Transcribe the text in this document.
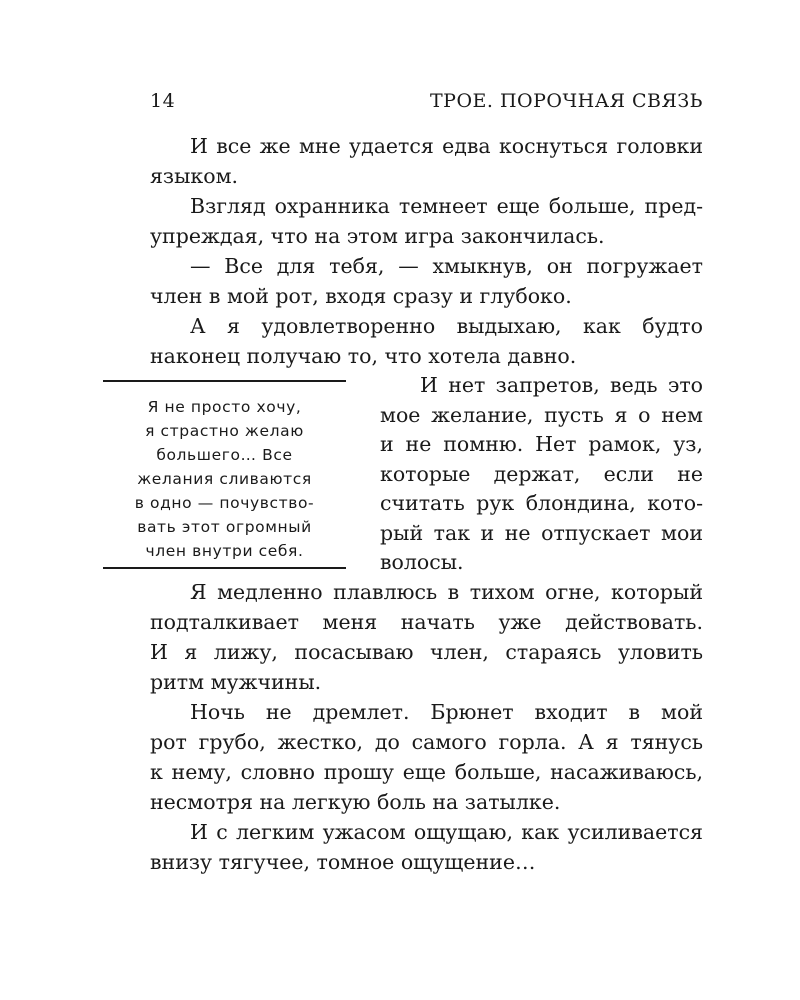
14	ТРОЕ. ПОРОЧНАЯ СВЯЗЬ
И все же мне удается едва коснуться головки
языком.
Взгляд охранника темнеет еще больше, пред-
упреждая, что на этом игра закончилась.
— Все для тебя, — хмыкнув, он погружает
член в мой рот, входя сразу и глубоко.
А я удовлетворенно выдыхаю, как будто
наконец получаю то, что хотела давно.
Я не просто хочу,
я страстно желаю
большего… Все
желания сливаются
в одно — почувство-
вать этот огромный
член внутри себя.
И нет запретов, ведь это
мое желание, пусть я о нем
и не помню. Нет рамок, уз,
которые держат, если не
считать рук блондина, кото-
рый так и не отпускает мои
волосы.
Я медленно плавлюсь в тихом огне, который
подталкивает меня начать уже действовать.
И я лижу, посасываю член, стараясь уловить
ритм мужчины.
Ночь не дремлет. Брюнет входит в мой
рот грубо, жестко, до самого горла. А я тянусь
к нему, словно прошу еще больше, насаживаюсь,
несмотря на легкую боль на затылке.
И с легким ужасом ощущаю, как усиливается
внизу тягучее, томное ощущение…
